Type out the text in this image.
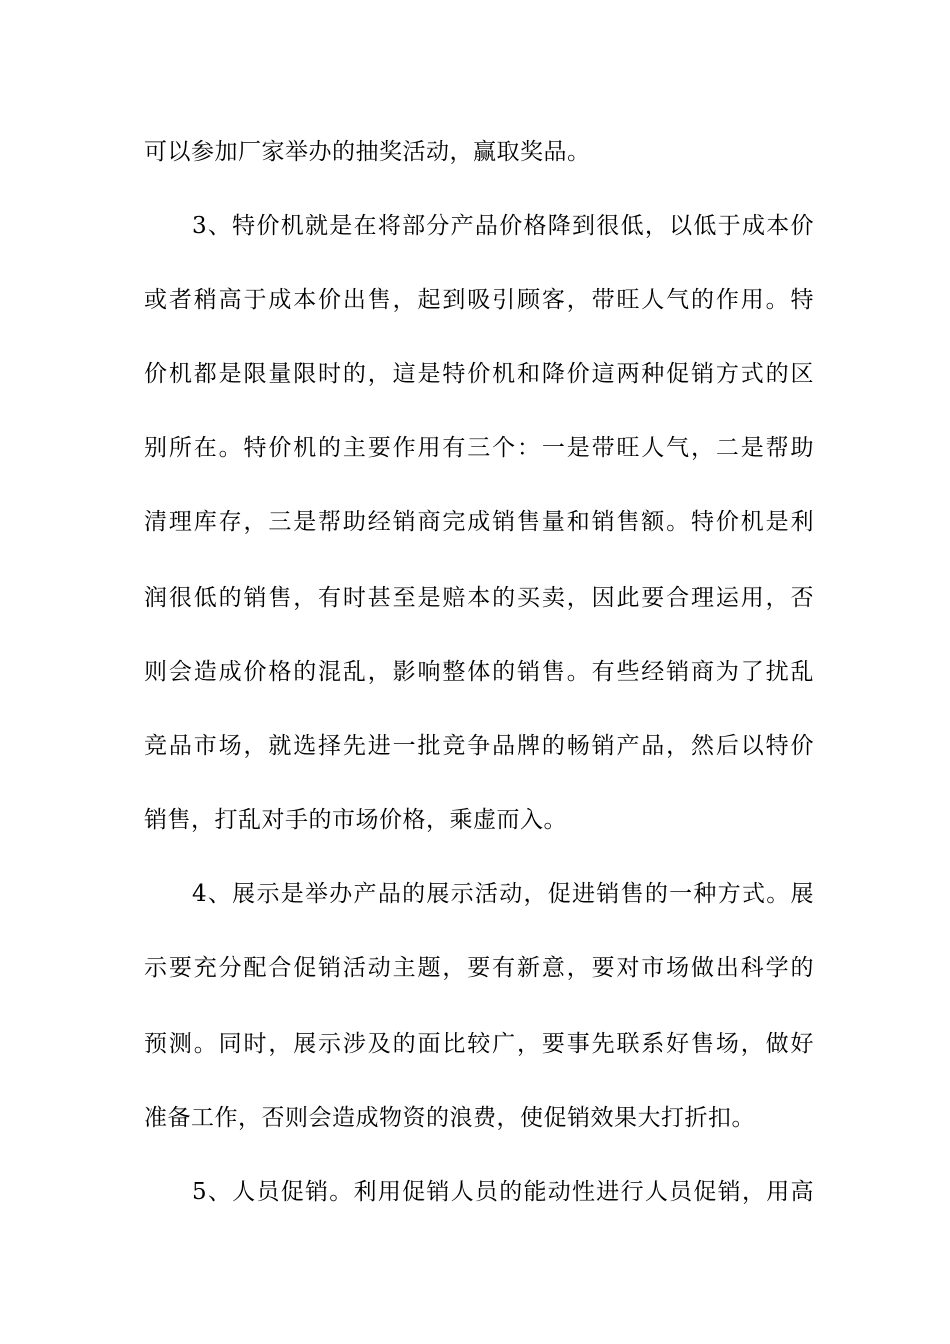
可以参加厂家举办的抽奖活动，赢取奖品。
3、特价机就是在将部分产品价格降到很低，以低于成本价
或者稍高于成本价出售，起到吸引顾客，带旺人气的作用。特
价机都是限量限时的，這是特价机和降价這两种促销方式的区
别所在。特价机的主要作用有三个：一是带旺人气，二是帮助
清理库存，三是帮助经销商完成销售量和销售额。特价机是利
润很低的销售，有时甚至是赔本的买卖，因此要合理运用，否
则会造成价格的混乱，影响整体的销售。有些经销商为了扰乱
竞品市场，就选择先进一批竞争品牌的畅销产品，然后以特价
销售，打乱对手的市场价格，乘虚而入。
4、展示是举办产品的展示活动，促进销售的一种方式。展
示要充分配合促销活动主题，要有新意，要对市场做出科学的
预测。同时，展示涉及的面比较广，要事先联系好售场，做好
准备工作，否则会造成物资的浪费，使促销效果大打折扣。
5、人员促销。利用促销人员的能动性进行人员促销，用高
